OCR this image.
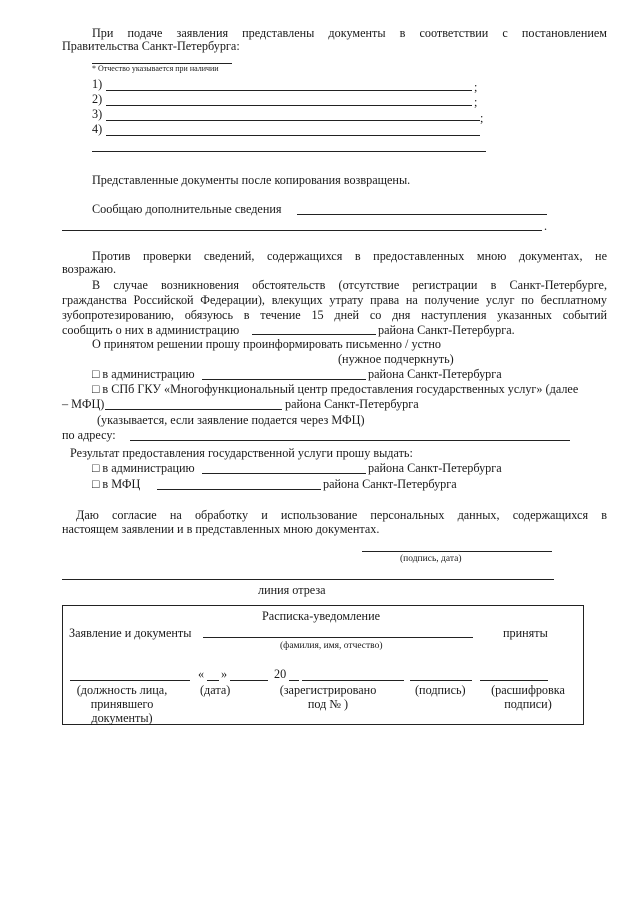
При подаче заявления представлены документы в соответствии с постановлением
Правительства Санкт-Петербурга:
* Отчество указывается при наличии
1)	;
2)	;
3)	;
4)
Представленные документы после копирования возвращены.
Сообщаю дополнительные сведения
.
Против проверки сведений, содержащихся в предоставленных мною документах, не
возражаю.
В случае возникновения обстоятельств (отсутствие регистрации в Санкт-Петербурге,
гражданства Российской Федерации), влекущих утрату права на получение услуг по бесплатному
зубопротезированию, обязуюсь в течение 15 дней со дня наступления указанных событий
сообщить о них в администрацию	района Санкт-Петербурга.
О принятом решении прошу проинформировать письменно / устно
(нужное подчеркнуть)
□ в администрацию	района Санкт-Петербурга
□ в СПб ГКУ «Многофункциональный центр предоставления государственных услуг» (далее
– МФЦ)	района Санкт-Петербурга
(указывается, если заявление подается через МФЦ)
по адресу:
Результат предоставления государственной услуги прошу выдать:
□ в администрацию	района Санкт-Петербурга
□ в МФЦ	района Санкт-Петербурга
Даю согласие на обработку и использование персональных данных, содержащихся в
настоящем заявлении и в представленных мною документах.
(подпись, дата)
линия отреза
Расписка-уведомление
Заявление и документы	приняты
(фамилия, имя, отчество)
« »	20
(должность лица,
принявшего
документы)
(дата)	(зарегистрировано
под № )
(подпись)	(расшифровка
подписи)
